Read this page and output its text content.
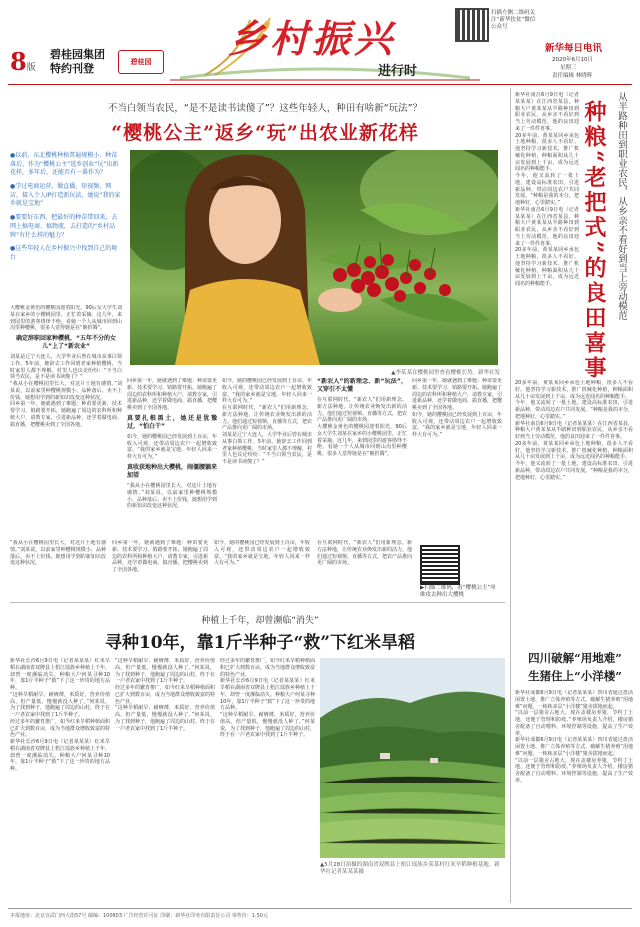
8版
碧桂园集团
特约刊登	碧桂园
乡村振兴
进行时
扫描左侧二维码关注“新华扶贫”微信公众号
新华每日电讯
2020年6月10日
星期三
责任编辑 林晓辉
不当白领当农民，“是不是读书读傻了”？这些年轻人，种田有啥新“玩法”？
“樱桃公主”返乡“玩”出农业新花样
●以前，东北樱桃种植普遍规模小、种苗落后。作为“樱桃公主”返乡创业“玩”出新花样，多年后，还能否有一番作为？
●学过电商运营，做直播、短视频、网店，接入个人IP打造新玩法，她说“我的家乡就是宝地”
●要要好东西，把最好的种苗带回来，去网上搞电商、搞物流，去打造的“乡村品牌”有什么样的魅力？
●这些年轻人在乡村振兴中找到自己的舞台
▲李某某在樱桃园里查看樱桃长势。新华社发
大樱桃金黄色的樱桃园迎着阳光，90后女大学生刘某在家乡的小樱桃园里，正忙着采摘。这几年，来到园里的游客络绎不绝，看她一个人从城市回到山沟里种樱桃，很多人觉得她是在“瞎折腾”。
确定辞职回家种樱桃，“五年不分的女儿”上了“新农业”
刘某是辽宁大连人，大学毕业后曾在城市从事白领工作。5年前，她辞去工作回到老家种植樱桃，当时家里人都不理解，村里人也议论纷纷：“不当白领当农民，是不是读书读傻了？”
“我从小在樱桃园里长大，对这片土地有感情。”刘某说，以前家里种樱桃规模小、品种落后、卖不上价钱，她想用学到的新知识改变这种状况。
回乡第一年，她就遇到了难题：种苗要更新、技术要学习、销路要开拓。她跑遍了周边的农科所和种植大户，请教专家，引进新品种，还学着做电商、搞直播，把樱桃卖到了全国各地。
回乡第一年，她就遇到了难题：种苗要更新、技术要学习、销路要开拓。她跑遍了周边的农科所和种植大户，请教专家，引进新品种，还学着做电商、搞直播，把樱桃卖到了全国各地。
真要扎根黑土，她还是犹豫过，“怕白干”
如今，她的樱桃园已经发展到上百亩，年收入可观，还带动周边农户一起增收致富。“我的家乡就是宝地，年轻人回来一样大有可为。”
真收获地种出大樱桃，闹僵腰躺来加望
“我从小在樱桃园里长大，对这片土地有感情。”刘某说，以前家里种樱桃规模小、品种落后、卖不上价钱，她想用学到的新知识改变这种状况。
如今，她的樱桃园已经发展到上百亩，年收入可观，还带动周边农户一起增收致富。“我的家乡就是宝地，年轻人回来一样大有可为。”
在互联网时代，“新农人”们用新理念、新方法种地，让传统农业焕发出新的活力。他们通过短视频、直播等方式，把农产品推向更广阔的市场。
刘某是辽宁大连人，大学毕业后曾在城市从事白领工作。5年前，她辞去工作回到老家种植樱桃，当时家里人都不理解，村里人也议论纷纷：“不当白领当农民，是不是读书读傻了？”
“新农人”的新理念、新“玩法”，又穿引不太懂
在互联网时代，“新农人”们用新理念、新方法种地，让传统农业焕发出新的活力。他们通过短视频、直播等方式，把农产品推向更广阔的市场。
大樱桃金黄色的樱桃园迎着阳光，90后女大学生刘某在家乡的小樱桃园里，正忙着采摘。这几年，来到园里的游客络绎不绝，看她一个人从城市回到山沟里种樱桃，很多人觉得她是在“瞎折腾”。
回乡第一年，她就遇到了难题：种苗要更新、技术要学习、销路要开拓。她跑遍了周边的农科所和种植大户，请教专家，引进新品种，还学着做电商、搞直播，把樱桃卖到了全国各地。
如今，她的樱桃园已经发展到上百亩，年收入可观，还带动周边农户一起增收致富。“我的家乡就是宝地，年轻人回来一样大有可为。”
▶扫描二维码，看“樱桃公主”单维攻去种出大樱桃
在互联网时代，“新农人”们用新理念、新方法种地，让传统农业焕发出新的活力。他们通过短视频、直播等方式，把农产品推向更广阔的市场。
“我从小在樱桃园里长大，对这片土地有感情。”刘某说，以前家里种樱桃规模小、品种落后、卖不上价钱，她想用学到的新知识改变这种状况。
回乡第一年，她就遇到了难题：种苗要更新、技术要学习、销路要开拓。她跑遍了周边的农科所和种植大户，请教专家，引进新品种，还学着做电商、搞直播，把樱桃卖到了全国各地。
如今，她的樱桃园已经发展到上百亩，年收入可观，还带动周边农户一起增收致富。“我的家乡就是宝地，年轻人回来一样大有可为。”
种植上千年，却曾濒临“消失”
寻种10年，靠1斤半种子“救”下红米旱稻
新华社长沙6月9日电（记者某某某）红米旱稻在湖南省双牌县上梧江瑶族乡种植上千年，却曾一度濒临消失。种粮大户何某寻种10年，靠1斤半种子“救”下了这一珍贵的地方品种。
“这种旱稻耐旱、耐瘠薄，米质好，营养价值高，但产量低，慢慢就没人种了。”何某说，为了找到种子，他跑遍了周边的山村，终于在一户老农家中找到了1斤半种子。
经过多年的繁育推广，如今红米旱稻种植面积已扩大到数百亩，成为当地群众增收致富的特色产业。
新华社长沙6月9日电（记者某某某）红米旱稻在湖南省双牌县上梧江瑶族乡种植上千年，却曾一度濒临消失。种粮大户何某寻种10年，靠1斤半种子“救”下了这一珍贵的地方品种。
“这种旱稻耐旱、耐瘠薄，米质好，营养价值高，但产量低，慢慢就没人种了。”何某说，为了找到种子，他跑遍了周边的山村，终于在一户老农家中找到了1斤半种子。
经过多年的繁育推广，如今红米旱稻种植面积已扩大到数百亩，成为当地群众增收致富的特色产业。
“这种旱稻耐旱、耐瘠薄，米质好，营养价值高，但产量低，慢慢就没人种了。”何某说，为了找到种子，他跑遍了周边的山村，终于在一户老农家中找到了1斤半种子。
经过多年的繁育推广，如今红米旱稻种植面积已扩大到数百亩，成为当地群众增收致富的特色产业。
新华社长沙6月9日电（记者某某某）红米旱稻在湖南省双牌县上梧江瑶族乡种植上千年，却曾一度濒临消失。种粮大户何某寻种10年，靠1斤半种子“救”下了这一珍贵的地方品种。
“这种旱稻耐旱、耐瘠薄，米质好，营养价值高，但产量低，慢慢就没人种了。”何某说，为了找到种子，他跑遍了周边的山村，终于在一户老农家中找到了1斤半种子。
▲5月28日拍摄的湖南省双牌县上梧江瑶族乡某某村红米旱稻种植基地。新华社记者某某某摄
新华社南昌6月9日电（记者某某某）在江西省某县，种粮大户黄某某从半路种田到职业农民，从乡亲不看好到当上劳动模范，他的良田迎来了一件件喜事。
20多年前，黄某某回乡承包土地种粮，很多人不看好。他坚持学习新技术，推广机械化种植，种粮面积从几十亩发展到上千亩，成为远近闻名的种粮能手。
今年，他又流转了一批土地，建设高标准农田，引进新品种，带动周边农户共同发展。“种粮是我的本分，把地种好，心里踏实。”
新华社南昌6月9日电（记者某某某）在江西省某县，种粮大户黄某某从半路种田到职业农民，从乡亲不看好到当上劳动模范，他的良田迎来了一件件喜事。
20多年前，黄某某回乡承包土地种粮，很多人不看好。他坚持学习新技术，推广机械化种植，种粮面积从几十亩发展到上千亩，成为远近闻名的种粮能手。	从半路种田到职业农民，从乡亲不看好到当上旁动模范
种粮“老把式”的良田喜事
20多年前，黄某某回乡承包土地种粮，很多人不看好。他坚持学习新技术，推广机械化种植，种粮面积从几十亩发展到上千亩，成为远近闻名的种粮能手。
今年，他又流转了一批土地，建设高标准农田，引进新品种，带动周边农户共同发展。“种粮是我的本分，把地种好，心里踏实。”
新华社南昌6月9日电（记者某某某）在江西省某县，种粮大户黄某某从半路种田到职业农民，从乡亲不看好到当上劳动模范，他的良田迎来了一件件喜事。
20多年前，黄某某回乡承包土地种粮，很多人不看好。他坚持学习新技术，推广机械化种植，种粮面积从几十亩发展到上千亩，成为远近闻名的种粮能手。
今年，他又流转了一批土地，建设高标准农田，引进新品种，带动周边农户共同发展。“种粮是我的本分，把地种好，心里踏实。”
四川破解“用地难”
生猪住上“小洋楼”
新华社成都6月9日电（记者某某某）四川省通过盘活闲置土地、推广立体养殖等方式，破解生猪养殖“用地难”问题，一栋栋多层“小洋楼”猪舍拔地而起。
“以前一层猪舍占地大，现在盖楼房养猪，节约了土地，还便于管理和防疫。”养殖场负责人介绍，楼房猪舍配备了自动喂料、环境控制等设施，提高了生产效率。
新华社成都6月9日电（记者某某某）四川省通过盘活闲置土地、推广立体养殖等方式，破解生猪养殖“用地难”问题，一栋栋多层“小洋楼”猪舍拔地而起。
“以前一层猪舍占地大，现在盖楼房养猪，节约了土地，还便于管理和防疫。”养殖场负责人介绍，楼房猪舍配备了自动喂料、环境控制等设施，提高了生产效率。
本报地址：北京宣武门西大街57号 邮编：100803 广告经营许可证 印刷：新华社印务有限责任公司 零售价：1.50元
